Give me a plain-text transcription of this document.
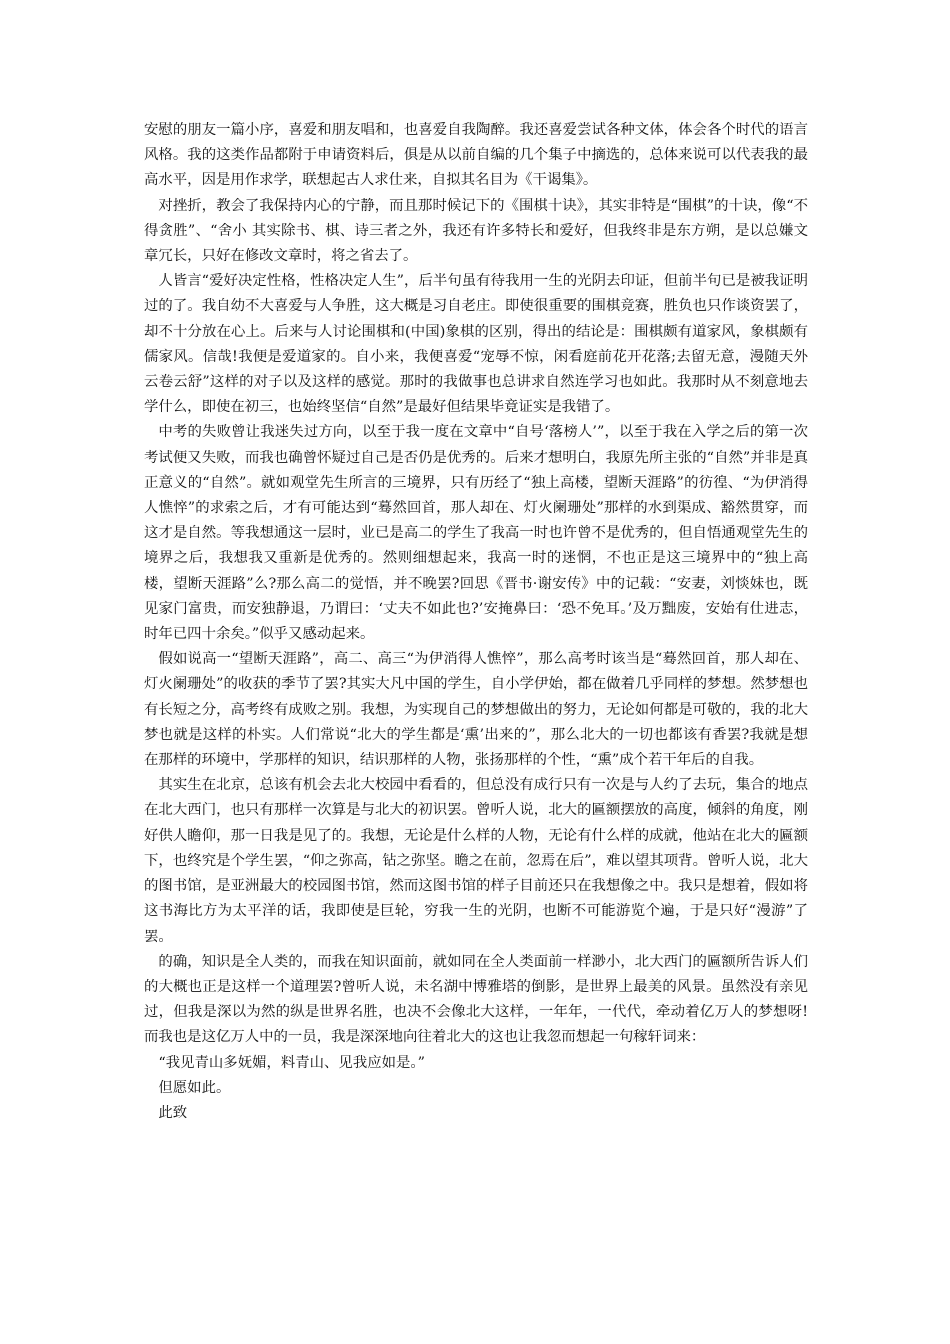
安慰的朋友一篇小序，喜爱和朋友唱和，也喜爱自我陶醉。我还喜爱尝试各种文体，体会各个时代的语言风格。我的这类作品都附于申请资料后，俱是从以前自编的几个集子中摘选的，总体来说可以代表我的最高水平，因是用作求学，联想起古人求仕来，自拟其名目为《干谒集》。

对挫折，教会了我保持内心的宁静，而且那时候记下的《围棋十诀》，其实非特是“围棋”的十诀，像“不得贪胜”、“舍小 其实除书、棋、诗三者之外，我还有许多特长和爱好，但我终非是东方朔，是以总嫌文章冗长，只好在修改文章时，将之省去了。

人皆言“爱好决定性格，性格决定人生”，后半句虽有待我用一生的光阴去印证，但前半句已是被我证明过的了。我自幼不大喜爱与人争胜，这大概是习自老庄。即使很重要的围棋竞赛，胜负也只作谈资罢了，却不十分放在心上。后来与人讨论围棋和(中国)象棋的区别，得出的结论是：围棋颇有道家风，象棋颇有儒家风。信哉!我便是爱道家的。自小来，我便喜爱“宠辱不惊，闲看庭前花开花落;去留无意，漫随天外云卷云舒”这样的对子以及这样的感觉。那时的我做事也总讲求自然连学习也如此。我那时从不刻意地去学什么，即使在初三，也始终坚信“自然”是最好但结果毕竟证实是我错了。

中考的失败曾让我迷失过方向，以至于我一度在文章中“自号‘落榜人’”，以至于我在入学之后的第一次考试便又失败，而我也确曾怀疑过自己是否仍是优秀的。后来才想明白，我原先所主张的“自然”并非是真正意义的“自然”。就如观堂先生所言的三境界，只有历经了“独上高楼，望断天涯路”的彷徨、“为伊消得人憔悴”的求索之后，才有可能达到“蓦然回首，那人却在、灯火阑珊处”那样的水到渠成、豁然贯穿，而这才是自然。等我想通这一层时，业已是高二的学生了我高一时也许曾不是优秀的，但自悟通观堂先生的境界之后，我想我又重新是优秀的。然则细想起来，我高一时的迷惘，不也正是这三境界中的“独上高楼，望断天涯路”么?那么高二的觉悟，并不晚罢?回思《晋书·谢安传》中的记载：“安妻，刘惔妹也，既见家门富贵，而安独静退，乃谓曰：‘丈夫不如此也?’安掩鼻曰：‘恐不免耳。’及万黜废，安始有仕进志，时年已四十余矣。”似乎又感动起来。

假如说高一“望断天涯路”，高二、高三“为伊消得人憔悴”，那么高考时该当是“蓦然回首，那人却在、灯火阑珊处”的收获的季节了罢?其实大凡中国的学生，自小学伊始，都在做着几乎同样的梦想。然梦想也有长短之分，高考终有成败之别。我想，为实现自己的梦想做出的努力，无论如何都是可敬的，我的北大梦也就是这样的朴实。人们常说“北大的学生都是‘熏’出来的”，那么北大的一切也都该有香罢?我就是想在那样的环境中，学那样的知识，结识那样的人物，张扬那样的个性，“熏”成个若干年后的自我。

其实生在北京，总该有机会去北大校园中看看的，但总没有成行只有一次是与人约了去玩，集合的地点在北大西门，也只有那样一次算是与北大的初识罢。曾听人说，北大的匾额摆放的高度，倾斜的角度，刚好供人瞻仰，那一日我是见了的。我想，无论是什么样的人物，无论有什么样的成就，他站在北大的匾额下，也终究是个学生罢，“仰之弥高，钻之弥坚。瞻之在前，忽焉在后”，难以望其项背。曾听人说，北大的图书馆，是亚洲最大的校园图书馆，然而这图书馆的样子目前还只在我想像之中。我只是想着，假如将这书海比方为太平洋的话，我即使是巨轮，穷我一生的光阴，也断不可能游览个遍，于是只好“漫游”了罢。

的确，知识是全人类的，而我在知识面前，就如同在全人类面前一样渺小，北大西门的匾额所告诉人们的大概也正是这样一个道理罢?曾听人说，未名湖中博雅塔的倒影，是世界上最美的风景。虽然没有亲见过，但我是深以为然的纵是世界名胜，也决不会像北大这样，一年年，一代代，牵动着亿万人的梦想呀!而我也是这亿万人中的一员，我是深深地向往着北大的这也让我忽而想起一句稼轩词来：

“我见青山多妩媚，料青山、见我应如是。”

但愿如此。

此致
